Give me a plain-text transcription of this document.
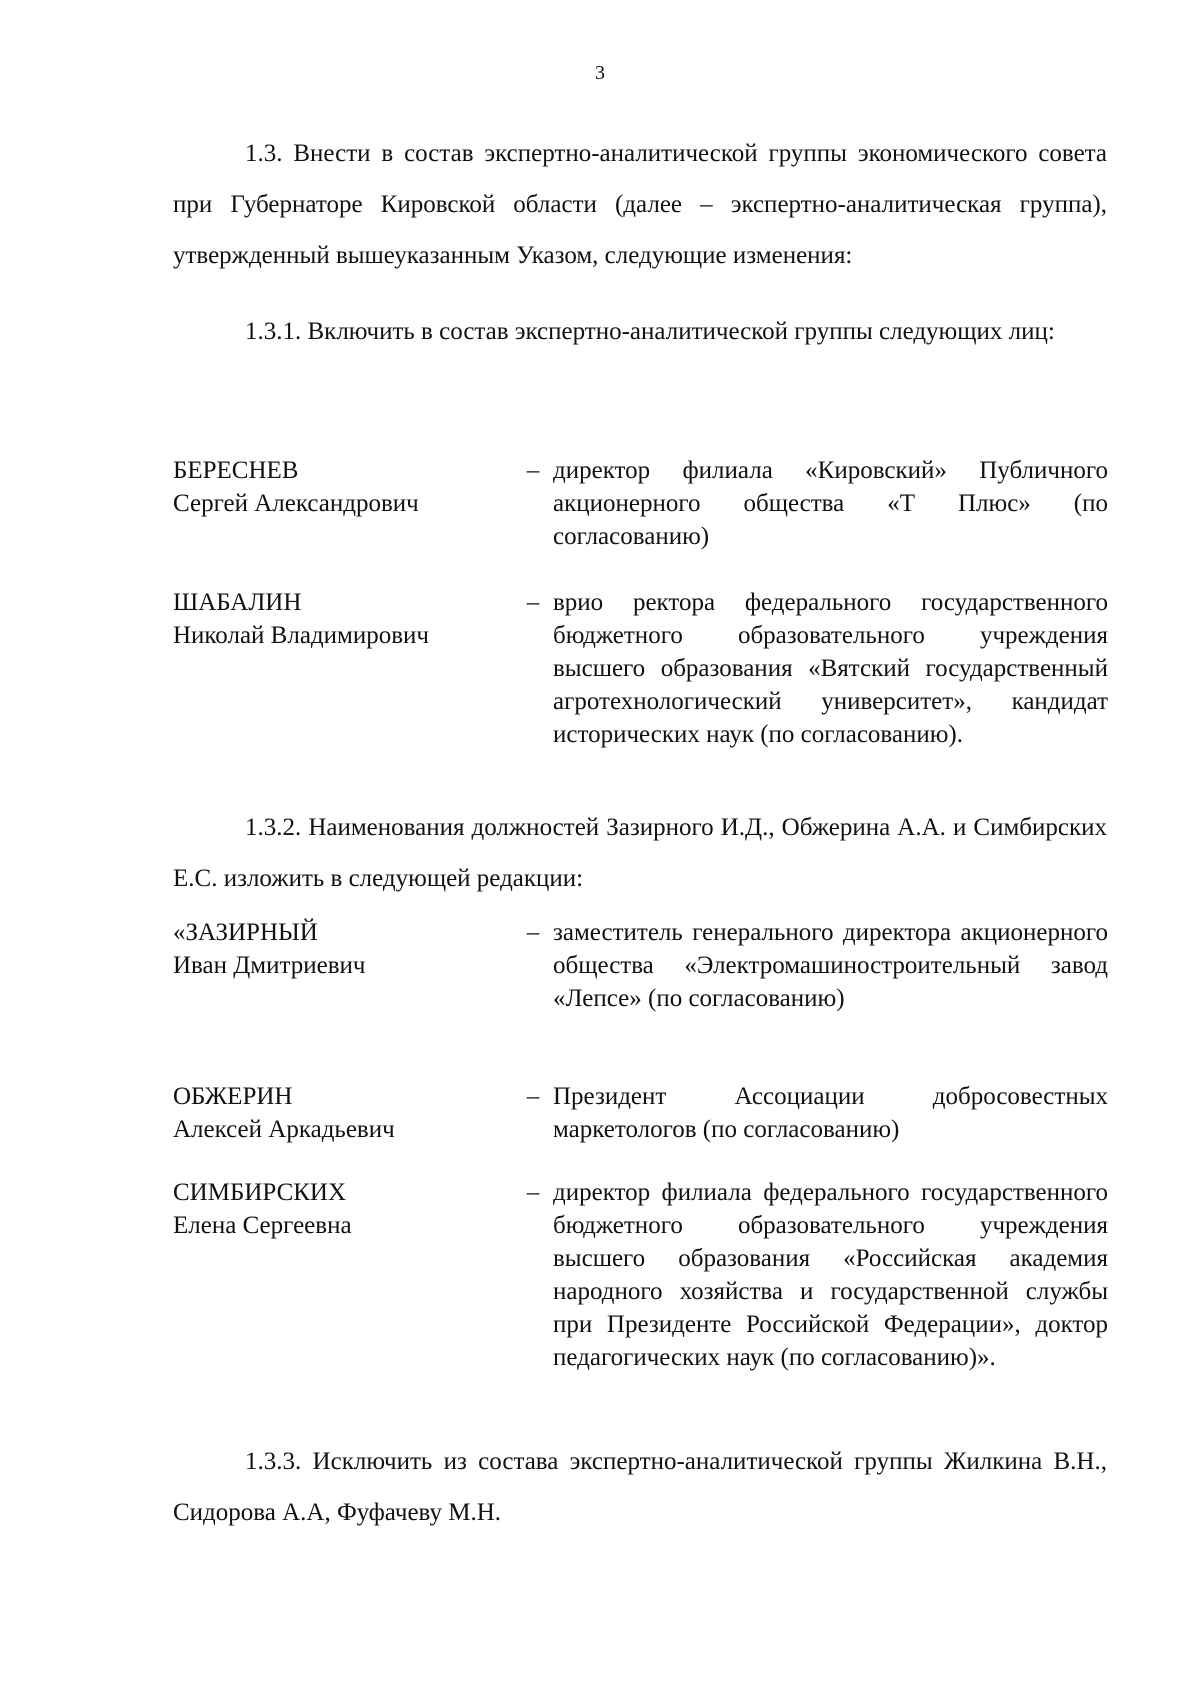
3
1.3. Внести в состав экспертно-аналитической группы экономического совета при Губернаторе Кировской области (далее – экспертно-аналитическая группа), утвержденный вышеуказанным Указом, следующие изменения:
1.3.1. Включить в состав экспертно-аналитической группы следующих лиц:
БЕРЕСНЕВ
Сергей Александрович
– директор филиала «Кировский» Публичного акционерного общества «Т Плюс» (по согласованию)
ШАБАЛИН
Николай Владимирович
– врио ректора федерального государственного бюджетного образовательного учреждения высшего образования «Вятский государственный агротехнологический университет», кандидат исторических наук (по согласованию).
1.3.2. Наименования должностей Зазирного И.Д., Обжерина А.А. и Симбирских Е.С. изложить в следующей редакции:
«ЗАЗИРНЫЙ
Иван Дмитриевич
– заместитель генерального директора акционерного общества «Электромашиностроительный завод «Лепсе» (по согласованию)
ОБЖЕРИН
Алексей Аркадьевич
– Президент Ассоциации добросовестных маркетологов (по согласованию)
СИМБИРСКИХ
Елена Сергеевна
– директор филиала федерального государственного бюджетного образовательного учреждения высшего образования «Российская академия народного хозяйства и государственной службы при Президенте Российской Федерации», доктор педагогических наук (по согласованию)».
1.3.3. Исключить из состава экспертно-аналитической группы Жилкина В.Н., Сидорова А.А, Фуфачеву М.Н.
